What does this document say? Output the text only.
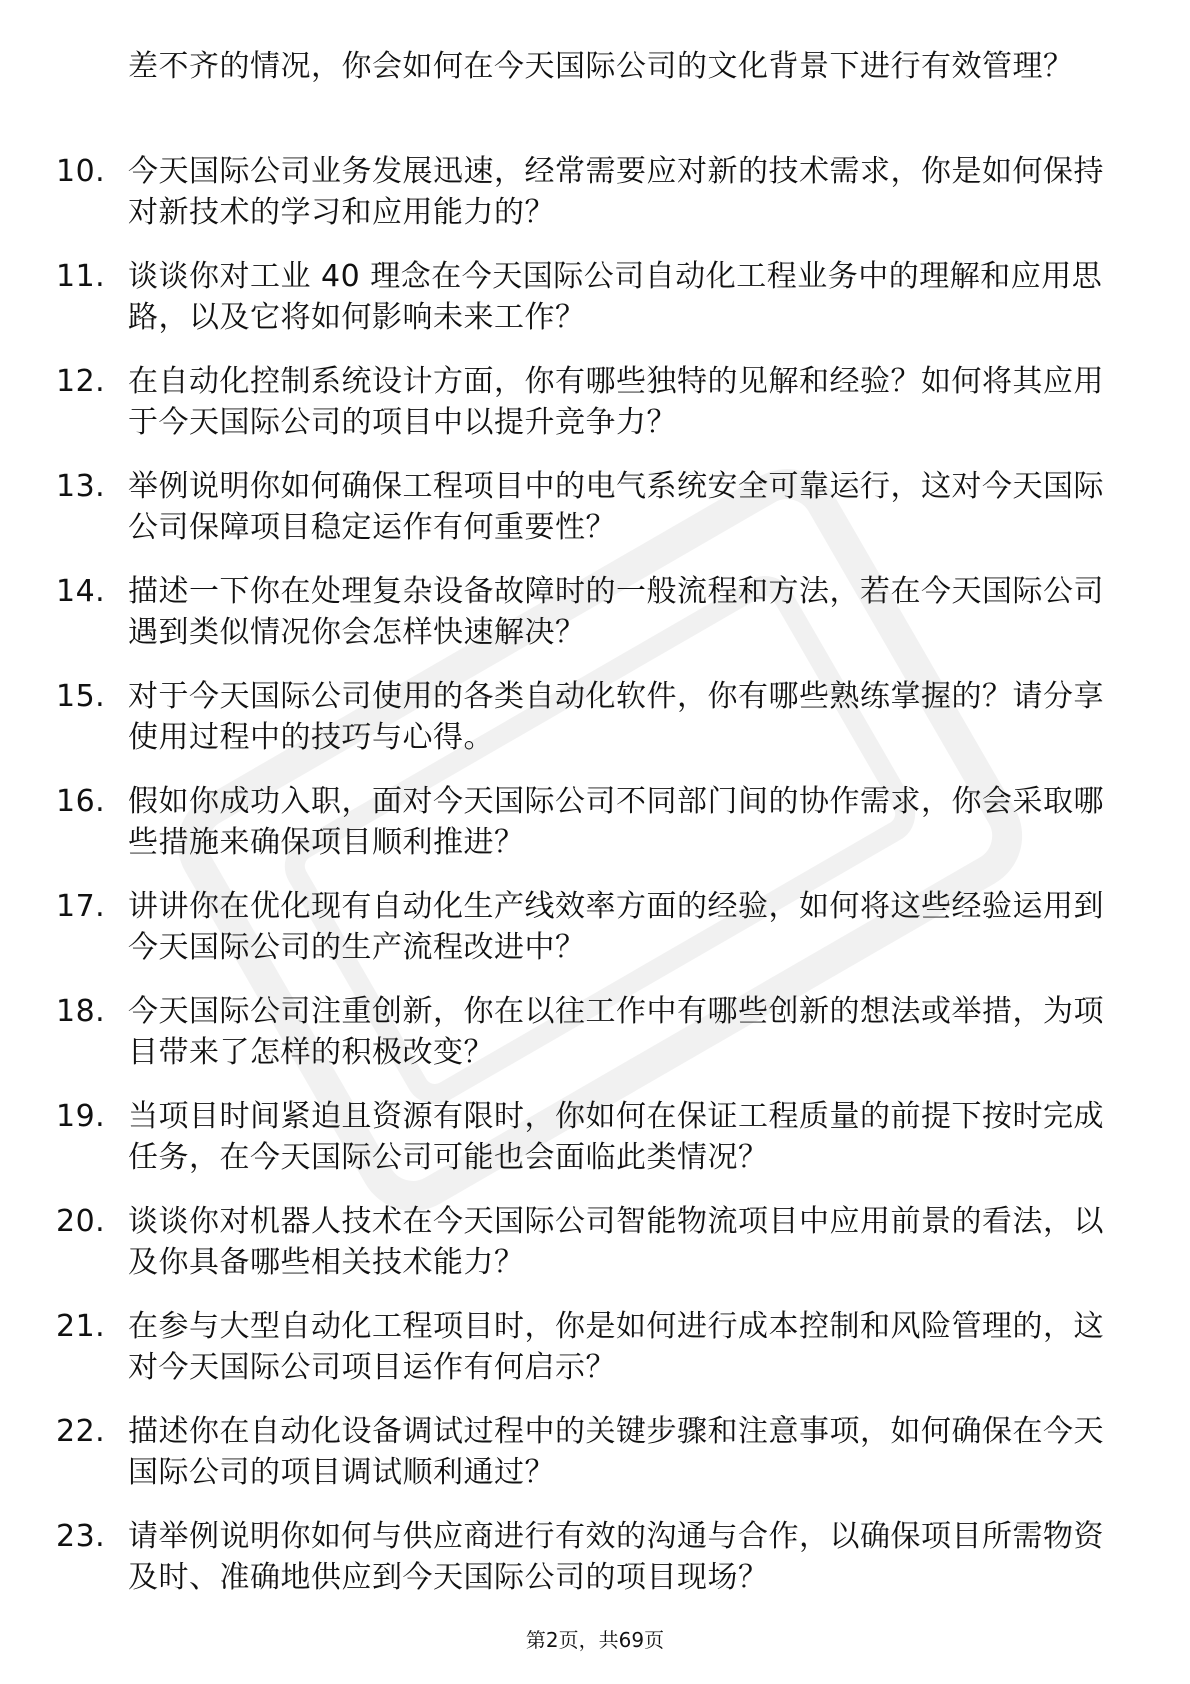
差不齐的情况，你会如何在今天国际公司的文化背景下进行有效管理？
10. 今天国际公司业务发展迅速，经常需要应对新的技术需求，你是如何保持对新技术的学习和应用能力的？
11. 谈谈你对工业 40 理念在今天国际公司自动化工程业务中的理解和应用思路，以及它将如何影响未来工作？
12. 在自动化控制系统设计方面，你有哪些独特的见解和经验？如何将其应用于今天国际公司的项目中以提升竞争力？
13. 举例说明你如何确保工程项目中的电气系统安全可靠运行，这对今天国际公司保障项目稳定运作有何重要性？
14. 描述一下你在处理复杂设备故障时的一般流程和方法，若在今天国际公司遇到类似情况你会怎样快速解决？
15. 对于今天国际公司使用的各类自动化软件，你有哪些熟练掌握的？请分享使用过程中的技巧与心得。
16. 假如你成功入职，面对今天国际公司不同部门间的协作需求，你会采取哪些措施来确保项目顺利推进？
17. 讲讲你在优化现有自动化生产线效率方面的经验，如何将这些经验运用到今天国际公司的生产流程改进中？
18. 今天国际公司注重创新，你在以往工作中有哪些创新的想法或举措，为项目带来了怎样的积极改变？
19. 当项目时间紧迫且资源有限时，你如何在保证工程质量的前提下按时完成任务，在今天国际公司可能也会面临此类情况？
20. 谈谈你对机器人技术在今天国际公司智能物流项目中应用前景的看法，以及你具备哪些相关技术能力？
21. 在参与大型自动化工程项目时，你是如何进行成本控制和风险管理的，这对今天国际公司项目运作有何启示？
22. 描述你在自动化设备调试过程中的关键步骤和注意事项，如何确保在今天国际公司的项目调试顺利通过？
23. 请举例说明你如何与供应商进行有效的沟通与合作，以确保项目所需物资及时、准确地供应到今天国际公司的项目现场？
第2页，共69页
